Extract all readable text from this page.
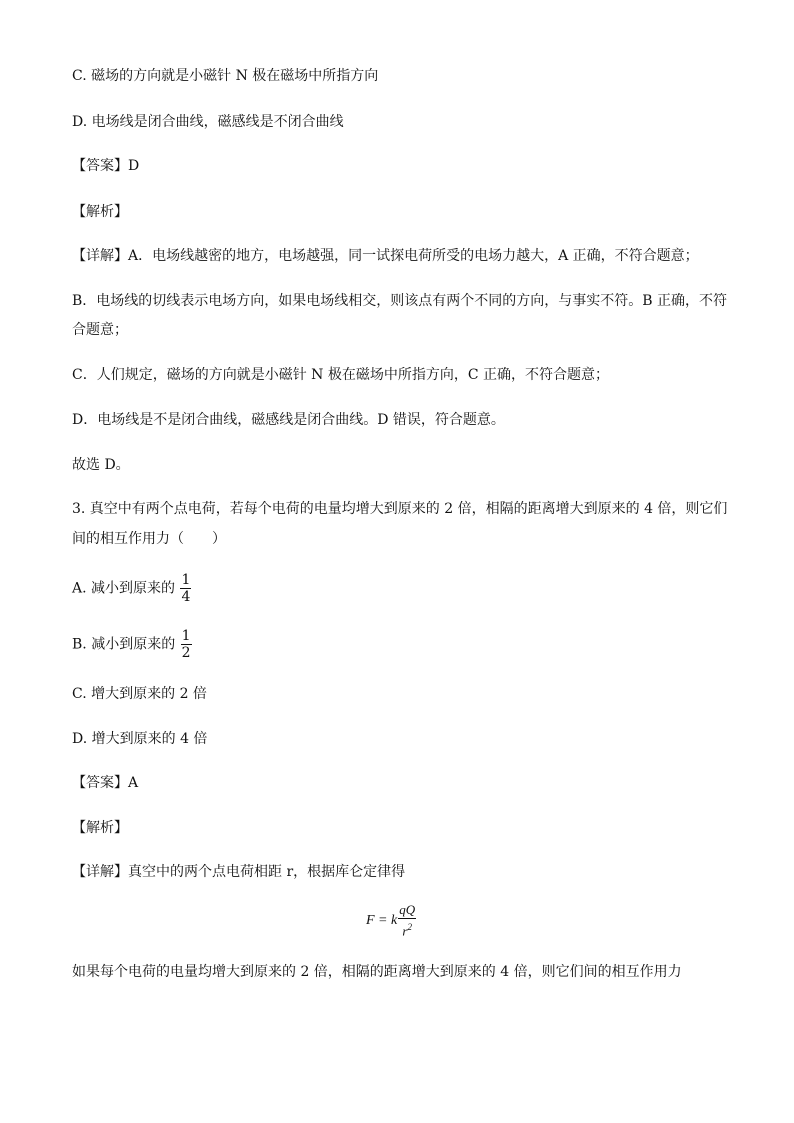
C. 磁场的方向就是小磁针 N 极在磁场中所指方向
D. 电场线是闭合曲线，磁感线是不闭合曲线
【答案】D
【解析】
【详解】A．电场线越密的地方，电场越强，同一试探电荷所受的电场力越大，A 正确，不符合题意；
B．电场线的切线表示电场方向，如果电场线相交，则该点有两个不同的方向，与事实不符。B 正确，不符
合题意；
C．人们规定，磁场的方向就是小磁针 N 极在磁场中所指方向，C 正确，不符合题意；
D．电场线是不是闭合曲线，磁感线是闭合曲线。D 错误，符合题意。
故选 D。
3. 真空中有两个点电荷，若每个电荷的电量均增大到原来的 2 倍，相隔的距离增大到原来的 4 倍，则它们
间的相互作用力（　　）
A. 减小到原来的 $\frac{1}{4}$
B. 减小到原来的 $\frac{1}{2}$
C. 增大到原来的 2 倍
D. 增大到原来的 4 倍
【答案】A
【解析】
【详解】真空中的两个点电荷相距 r，根据库仑定律得
F = k $\frac{qQ}{r^2}$
如果每个电荷的电量均增大到原来的 2 倍，相隔的距离增大到原来的 4 倍，则它们间的相互作用力
